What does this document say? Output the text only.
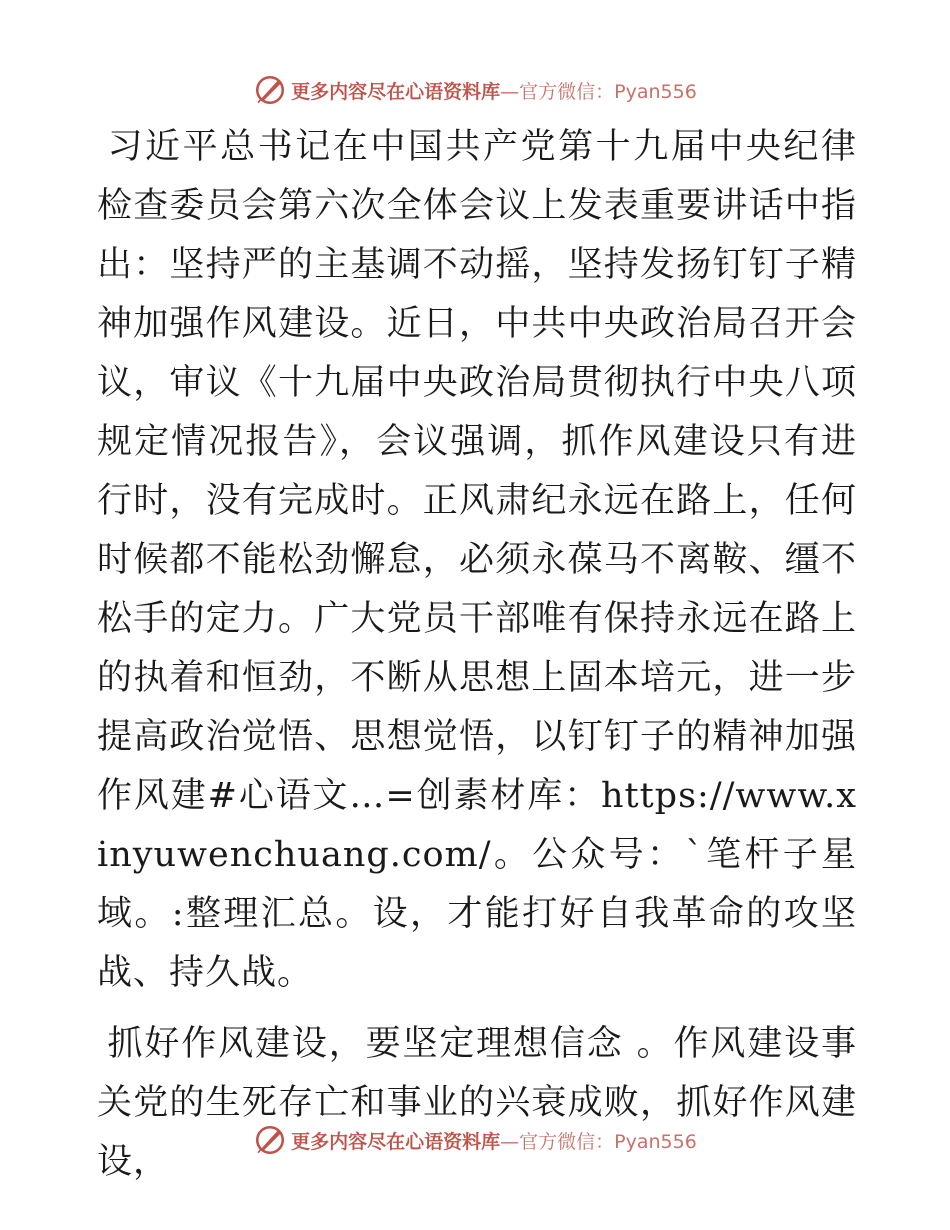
更多内容尽在心语资料库—官方微信：Pyan556

习近平总书记在中国共产党第十九届中央纪律检查委员会第六次全体会议上发表重要讲话中指出：坚持严的主基调不动摇，坚持发扬钉钉子精神加强作风建设。近日，中共中央政治局召开会议，审议《十九届中央政治局贯彻执行中央八项规定情况报告》，会议强调，抓作风建设只有进行时，没有完成时。正风肃纪永远在路上，任何时候都不能松劲懈怠，必须永葆马不离鞍、缰不松手的定力。广大党员干部唯有保持永远在路上的执着和恒劲，不断从思想上固本培元，进一步提高政治觉悟、思想觉悟，以钉钉子的精神加强作风建#心语文…=创素材库：https://www.xinyuwenchuang.com/。公众号：`笔杆子星域。:整理汇总。设，才能打好自我革命的攻坚战、持久战。

抓好作风建设，要坚定理想信念 。作风建设事关党的生死存亡和事业的兴衰成败，抓好作风建设，

更多内容尽在心语资料库—官方微信：Pyan556
